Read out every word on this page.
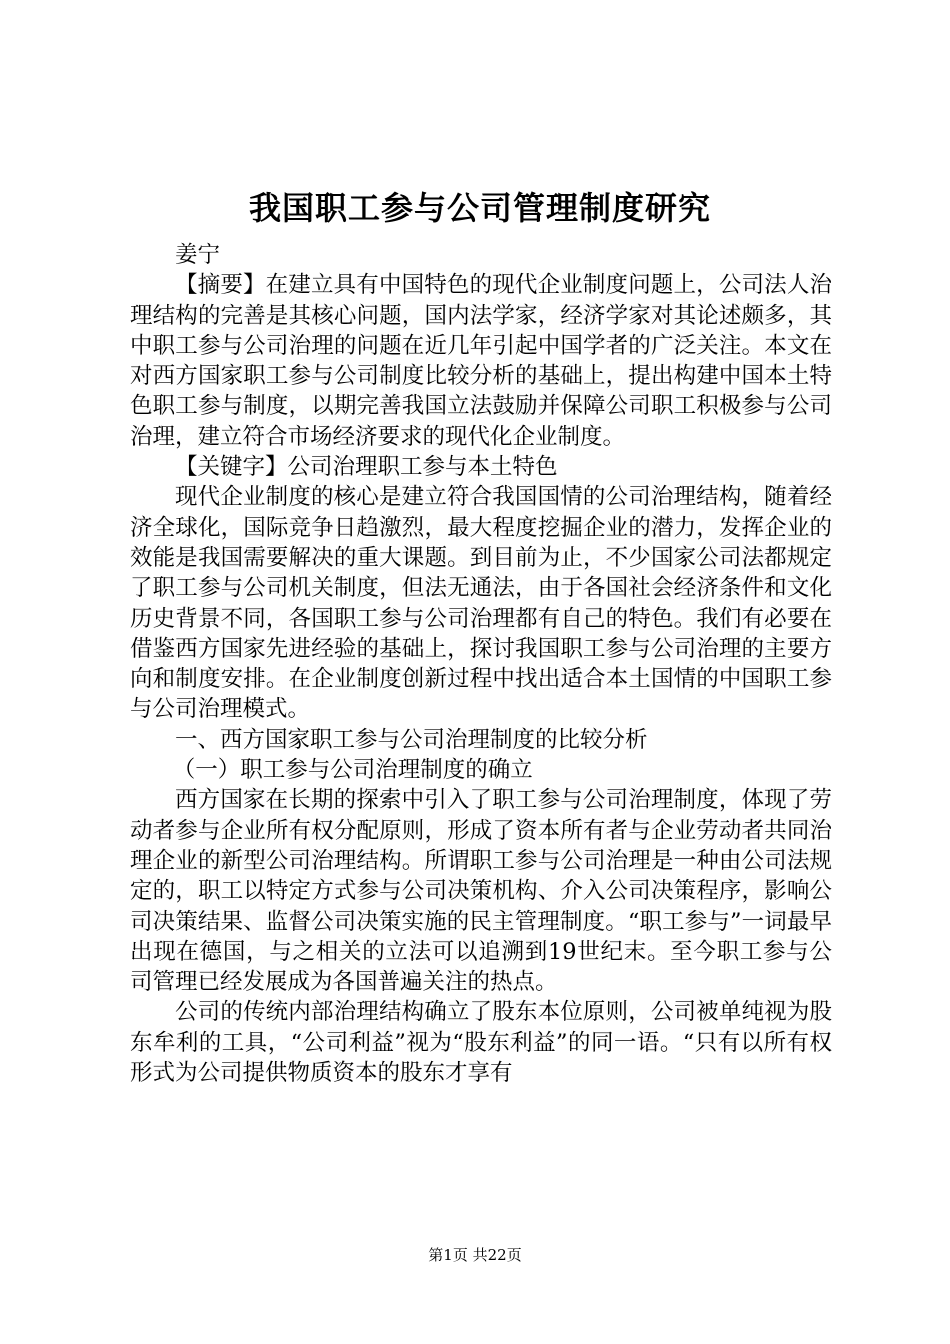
我国职工参与公司管理制度研究

姜宁

【摘要】在建立具有中国特色的现代企业制度问题上，公司法人治理结构的完善是其核心问题，国内法学家，经济学家对其论述颇多，其中职工参与公司治理的问题在近几年引起中国学者的广泛关注。本文在对西方国家职工参与公司制度比较分析的基础上，提出构建中国本土特色职工参与制度，以期完善我国立法鼓励并保障公司职工积极参与公司治理，建立符合市场经济要求的现代化企业制度。

【关键字】公司治理职工参与本土特色

现代企业制度的核心是建立符合我国国情的公司治理结构，随着经济全球化，国际竞争日趋激烈，最大程度挖掘企业的潜力，发挥企业的效能是我国需要解决的重大课题。到目前为止，不少国家公司法都规定了职工参与公司机关制度，但法无通法，由于各国社会经济条件和文化历史背景不同，各国职工参与公司治理都有自己的特色。我们有必要在借鉴西方国家先进经验的基础上，探讨我国职工参与公司治理的主要方向和制度安排。在企业制度创新过程中找出适合本土国情的中国职工参与公司治理模式。

一、西方国家职工参与公司治理制度的比较分析

（一）职工参与公司治理制度的确立

西方国家在长期的探索中引入了职工参与公司治理制度，体现了劳动者参与企业所有权分配原则，形成了资本所有者与企业劳动者共同治理企业的新型公司治理结构。所谓职工参与公司治理是一种由公司法规定的，职工以特定方式参与公司决策机构、介入公司决策程序，影响公司决策结果、监督公司决策实施的民主管理制度。“职工参与”一词最早出现在德国，与之相关的立法可以追溯到19世纪末。至今职工参与公司管理已经发展成为各国普遍关注的热点。

公司的传统内部治理结构确立了股东本位原则，公司被单纯视为股东牟利的工具，“公司利益”视为“股东利益”的同一语。“只有以所有权形式为公司提供物质资本的股东才享有

第1页 共22页
